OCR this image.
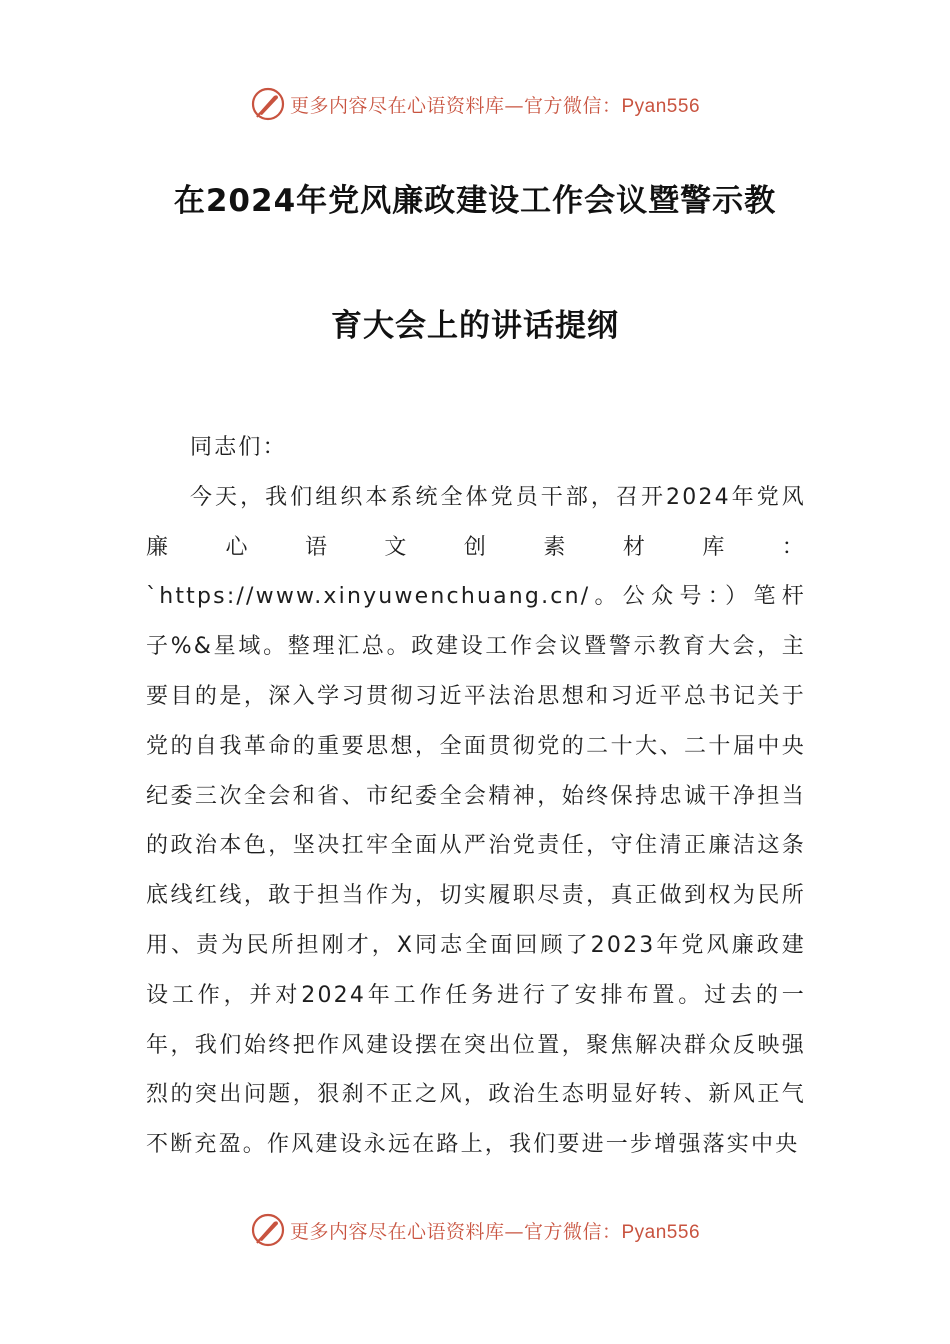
更多内容尽在心语资料库—官方微信：Pyan556
在2024年党风廉政建设工作会议暨警示教
育大会上的讲话提纲

同志们：

今天，我们组织本系统全体党员干部，召开2024年党风廉心语文创素材库：`https://www.xinyuwenchuang.cn/。公众号：）笔杆子%&星域。整理汇总。政建设工作会议暨警示教育大会，主要目的是，深入学习贯彻习近平法治思想和习近平总书记关于党的自我革命的重要思想，全面贯彻党的二十大、二十届中央纪委三次全会和省、市纪委全会精神，始终保持忠诚干净担当的政治本色，坚决扛牢全面从严治党责任，守住清正廉洁这条底线红线，敢于担当作为，切实履职尽责，真正做到权为民所用、责为民所担刚才，X同志全面回顾了2023年党风廉政建设工作，并对2024年工作任务进行了安排布置。过去的一年，我们始终把作风建设摆在突出位置，聚焦解决群众反映强烈的突出问题，狠刹不正之风，政治生态明显好转、新风正气不断充盈。作风建设永远在路上，我们要进一步增强落实中央

更多内容尽在心语资料库—官方微信：Pyan556
